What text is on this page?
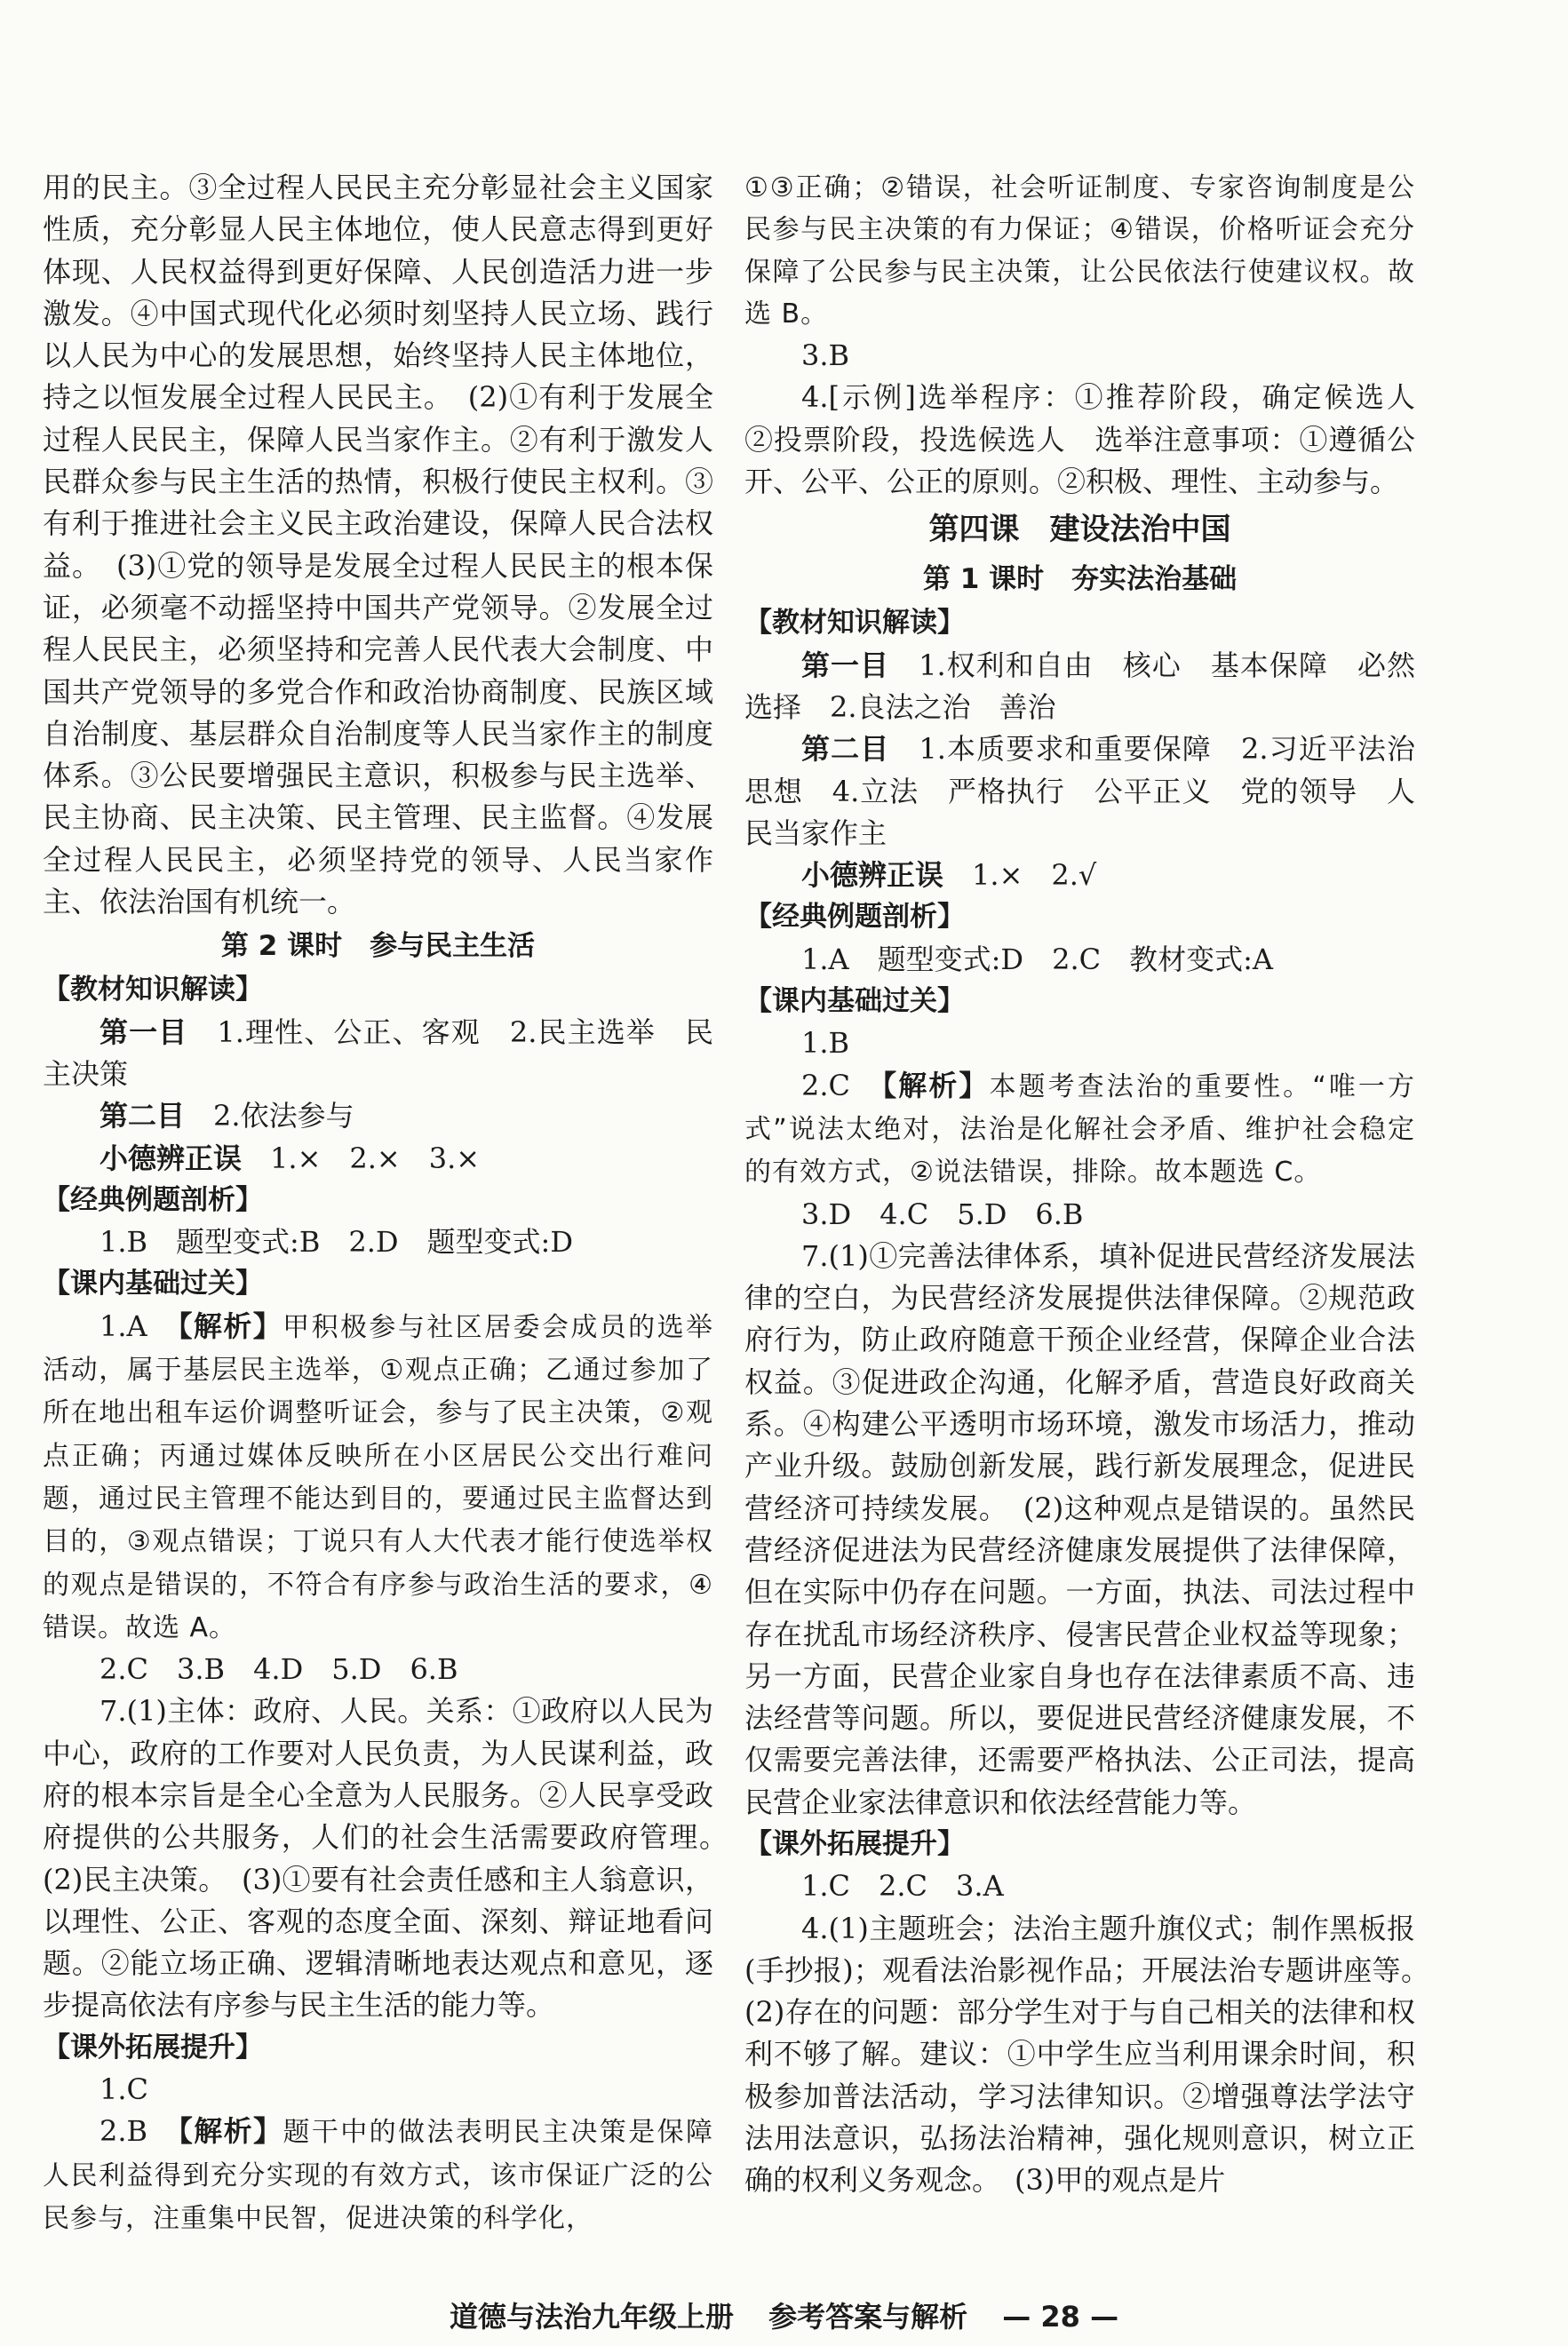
用的民主。③全过程人民民主充分彰显社会主义国家性质，充分彰显人民主体地位，使人民意志得到更好体现、人民权益得到更好保障、人民创造活力进一步激发。④中国式现代化必须时刻坚持人民立场、践行以人民为中心的发展思想，始终坚持人民主体地位，持之以恒发展全过程人民民主。　(2)①有利于发展全过程人民民主，保障人民当家作主。②有利于激发人民群众参与民主生活的热情，积极行使民主权利。③有利于推进社会主义民主政治建设，保障人民合法权益。　(3)①党的领导是发展全过程人民民主的根本保证，必须毫不动摇坚持中国共产党领导。②发展全过程人民民主，必须坚持和完善人民代表大会制度、中国共产党领导的多党合作和政治协商制度、民族区域自治制度、基层群众自治制度等人民当家作主的制度体系。③公民要增强民主意识，积极参与民主选举、民主协商、民主决策、民主管理、民主监督。④发展全过程人民民主，必须坚持党的领导、人民当家作主、依法治国有机统一。

第 2 课时　参与民主生活

【教材知识解读】

第一目　 1.理性、公正、客观　2.民主选举　民主决策

第二目　 2.依法参与

小德辨正误　 1.×　2.×　3.×

【经典例题剖析】

1.B　题型变式:B　2.D　题型变式:D

【课内基础过关】

1.A　 【解析】甲积极参与社区居委会成员的选举活动，属于基层民主选举，①观点正确；乙通过参加了所在地出租车运价调整听证会，参与了民主决策，②观点正确；丙通过媒体反映所在小区居民公交出行难问题，通过民主管理不能达到目的，要通过民主监督达到目的，③观点错误；丁说只有人大代表才能行使选举权的观点是错误的，不符合有序参与政治生活的要求，④错误。故选 A。

2.C　3.B　4.D　5.D　6.B

7.(1)主体：政府、人民。关系：①政府以人民为中心，政府的工作要对人民负责，为人民谋利益，政府的根本宗旨是全心全意为人民服务。②人民享受政府提供的公共服务，人们的社会生活需要政府管理。　(2)民主决策。　(3)①要有社会责任感和主人翁意识，以理性、公正、客观的态度全面、深刻、辩证地看问题。②能立场正确、逻辑清晰地表达观点和意见，逐步提高依法有序参与民主生活的能力等。

【课外拓展提升】

1.C

2.B　 【解析】题干中的做法表明民主决策是保障人民利益得到充分实现的有效方式，该市保证广泛的公民参与，注重集中民智，促进决策的科学化，

①③正确；②错误，社会听证制度、专家咨询制度是公民参与民主决策的有力保证；④错误，价格听证会充分保障了公民参与民主决策，让公民依法行使建议权。故选 B。

3.B

4.[示例]选举程序：①推荐阶段，确定候选人　②投票阶段，投选候选人　选举注意事项：①遵循公开、公平、公正的原则。②积极、理性、主动参与。

第四课　建设法治中国

第 1 课时　夯实法治基础

【教材知识解读】

第一目　 1.权利和自由　核心　基本保障　必然选择　2.良法之治　善治

第二目　 1.本质要求和重要保障　2.习近平法治思想　4.立法　严格执行　公平正义　党的领导　人民当家作主

小德辨正误　 1.×　2.√

【经典例题剖析】

1.A　题型变式:D　2.C　教材变式:A

【课内基础过关】

1.B

2.C　 【解析】本题考查法治的重要性。“唯一方式”说法太绝对，法治是化解社会矛盾、维护社会稳定的有效方式，②说法错误，排除。故本题选 C。

3.D　4.C　5.D　6.B

7.(1)①完善法律体系，填补促进民营经济发展法律的空白，为民营经济发展提供法律保障。②规范政府行为，防止政府随意干预企业经营，保障企业合法权益。③促进政企沟通，化解矛盾，营造良好政商关系。④构建公平透明市场环境，激发市场活力，推动产业升级。鼓励创新发展，践行新发展理念，促进民营经济可持续发展。　(2)这种观点是错误的。虽然民营经济促进法为民营经济健康发展提供了法律保障，但在实际中仍存在问题。一方面，执法、司法过程中存在扰乱市场经济秩序、侵害民营企业权益等现象；另一方面，民营企业家自身也存在法律素质不高、违法经营等问题。所以，要促进民营经济健康发展，不仅需要完善法律，还需要严格执法、公正司法，提高民营企业家法律意识和依法经营能力等。

【课外拓展提升】

1.C　2.C　3.A

4.(1)主题班会；法治主题升旗仪式；制作黑板报(手抄报)；观看法治影视作品；开展法治专题讲座等。　(2)存在的问题：部分学生对于与自己相关的法律和权利不够了解。建议：①中学生应当利用课余时间，积极参加普法活动，学习法律知识。②增强尊法学法守法用法意识，弘扬法治精神，强化规则意识，树立正确的权利义务观念。　(3)甲的观点是片

道德与法治九年级上册 参考答案与解析 — 28 —
